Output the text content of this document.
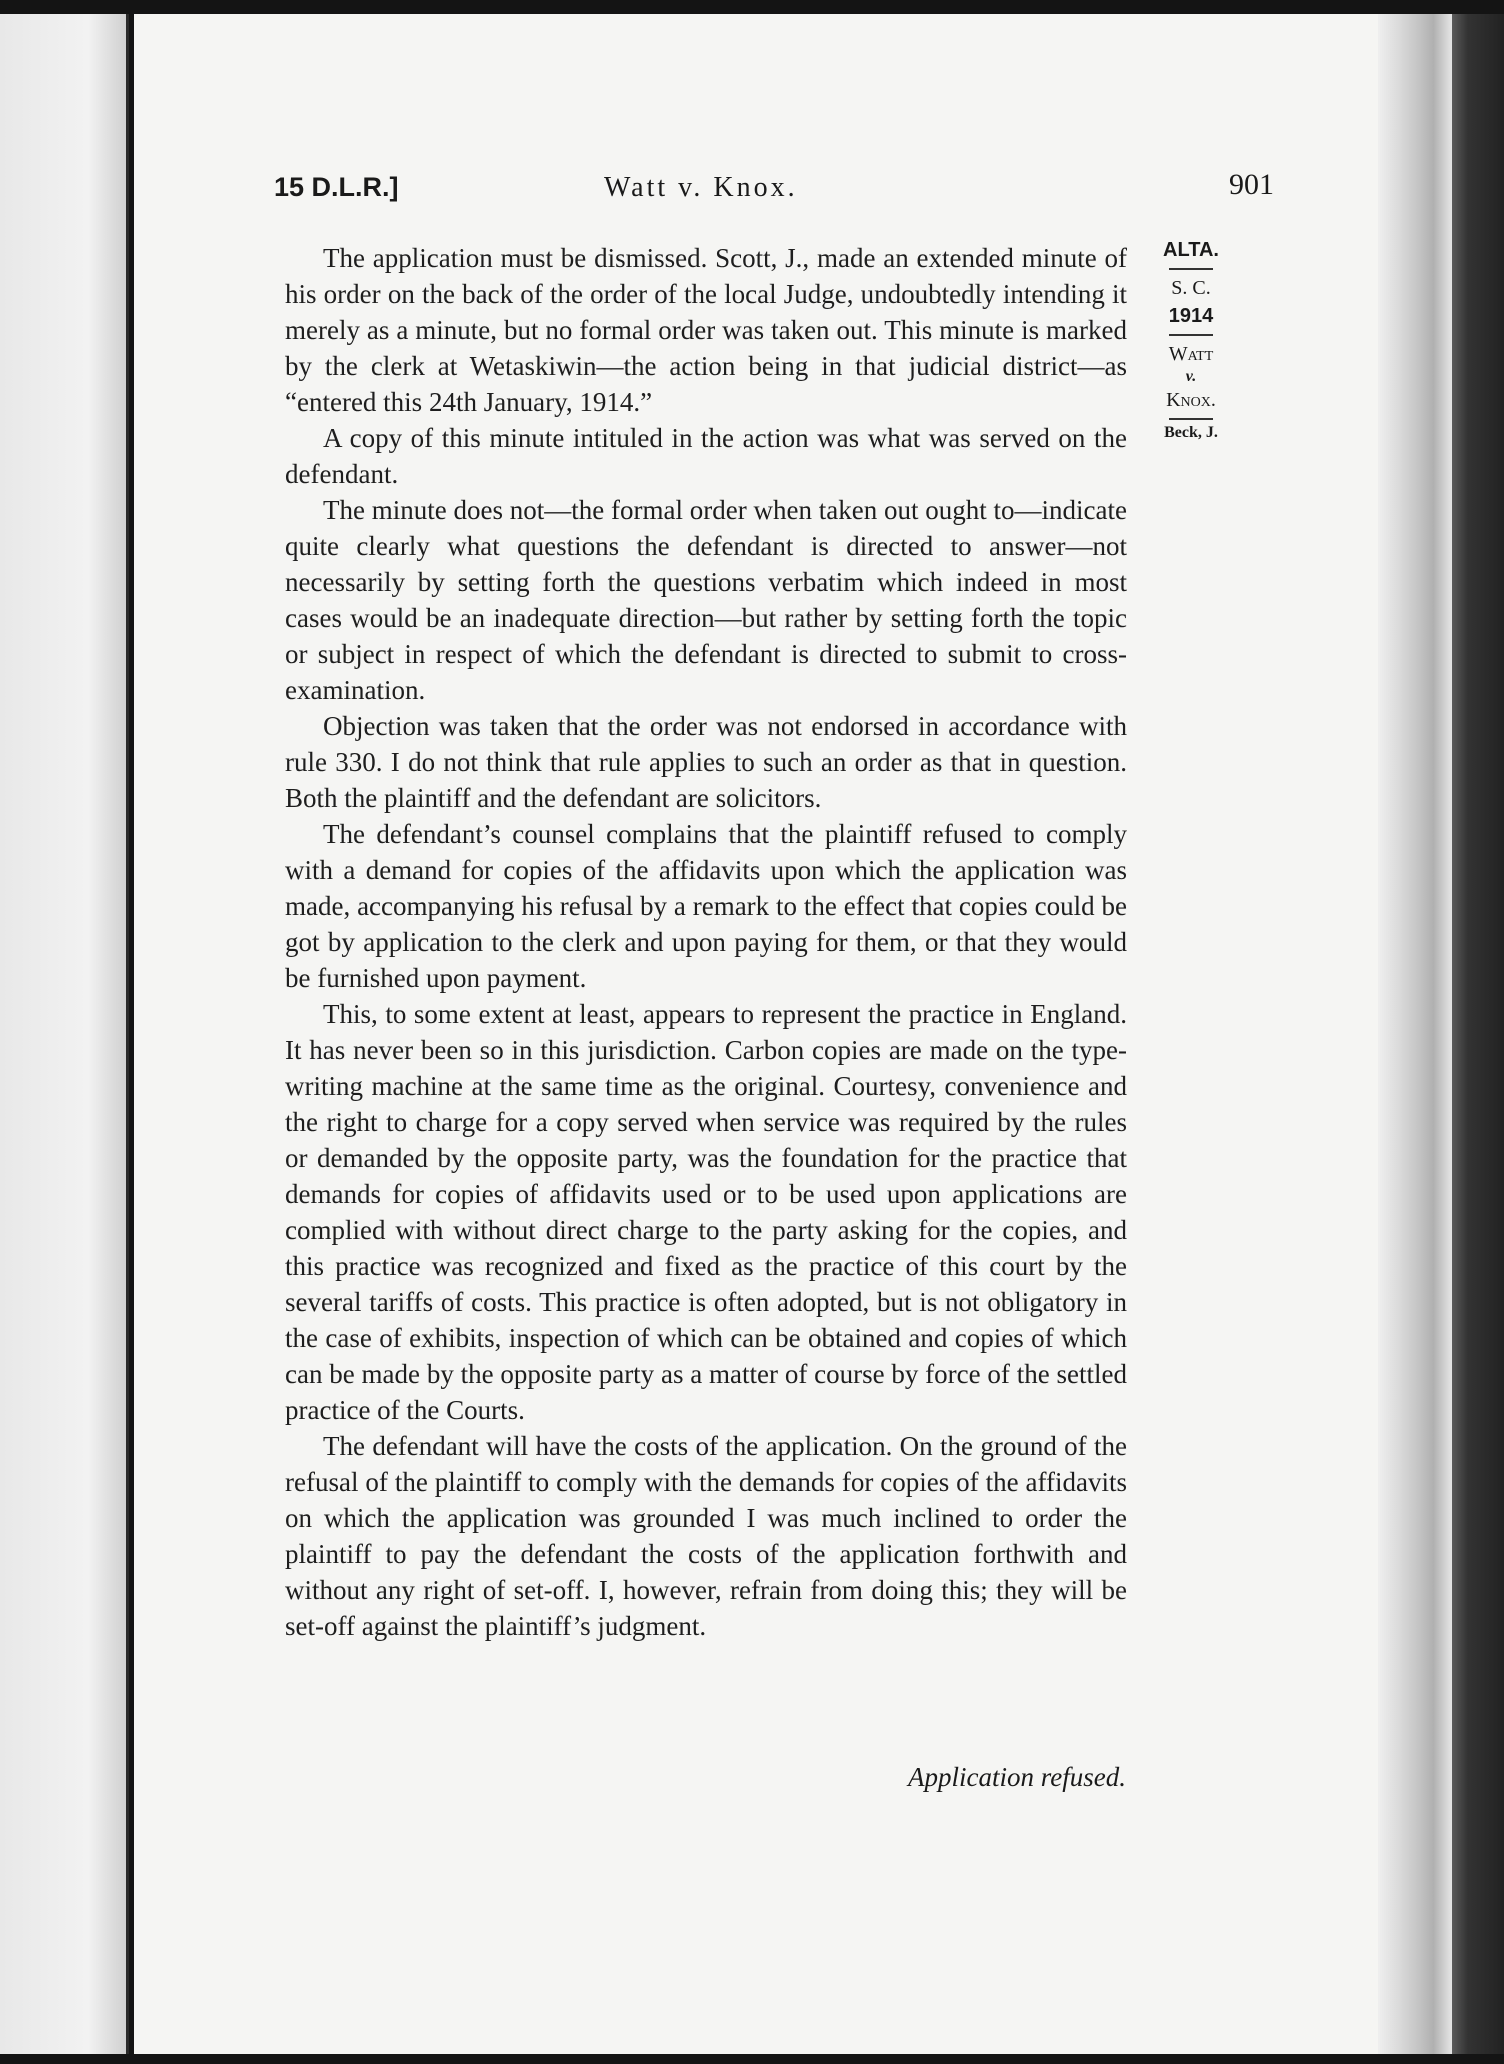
15 D.L.R.]	Watt v. Knox.	901
ALTA.
S. C.
1914
Watt
v.
Knox.
Beck, J.

The application must be dismissed. Scott, J., made an extended minute of his order on the back of the order of the local Judge, undoubtedly intending it merely as a minute, but no formal order was taken out. This minute is marked by the clerk at Wetaskiwin—the action being in that judicial district—as “entered this 24th January, 1914.”

A copy of this minute intituled in the action was what was served on the defendant.

The minute does not—the formal order when taken out ought to—indicate quite clearly what questions the defendant is directed to answer—not necessarily by setting forth the questions verbatim which indeed in most cases would be an inadequate direction—but rather by setting forth the topic or subject in respect of which the defendant is directed to submit to cross-examination.

Objection was taken that the order was not endorsed in accordance with rule 330. I do not think that rule applies to such an order as that in question. Both the plaintiff and the defendant are solicitors.

The defendant’s counsel complains that the plaintiff refused to comply with a demand for copies of the affidavits upon which the application was made, accompanying his refusal by a remark to the effect that copies could be got by application to the clerk and upon paying for them, or that they would be furnished upon payment.

This, to some extent at least, appears to represent the practice in England. It has never been so in this jurisdiction. Carbon copies are made on the type-writing machine at the same time as the original. Courtesy, convenience and the right to charge for a copy served when service was required by the rules or demanded by the opposite party, was the foundation for the practice that demands for copies of affidavits used or to be used upon applications are complied with without direct charge to the party asking for the copies, and this practice was recognized and fixed as the practice of this court by the several tariffs of costs. This practice is often adopted, but is not obligatory in the case of exhibits, inspection of which can be obtained and copies of which can be made by the opposite party as a matter of course by force of the settled practice of the Courts.

The defendant will have the costs of the application. On the ground of the refusal of the plaintiff to comply with the demands for copies of the affidavits on which the application was grounded I was much inclined to order the plaintiff to pay the defendant the costs of the application forthwith and without any right of set-off. I, however, refrain from doing this; they will be set-off against the plaintiff’s judgment.

Application refused.
